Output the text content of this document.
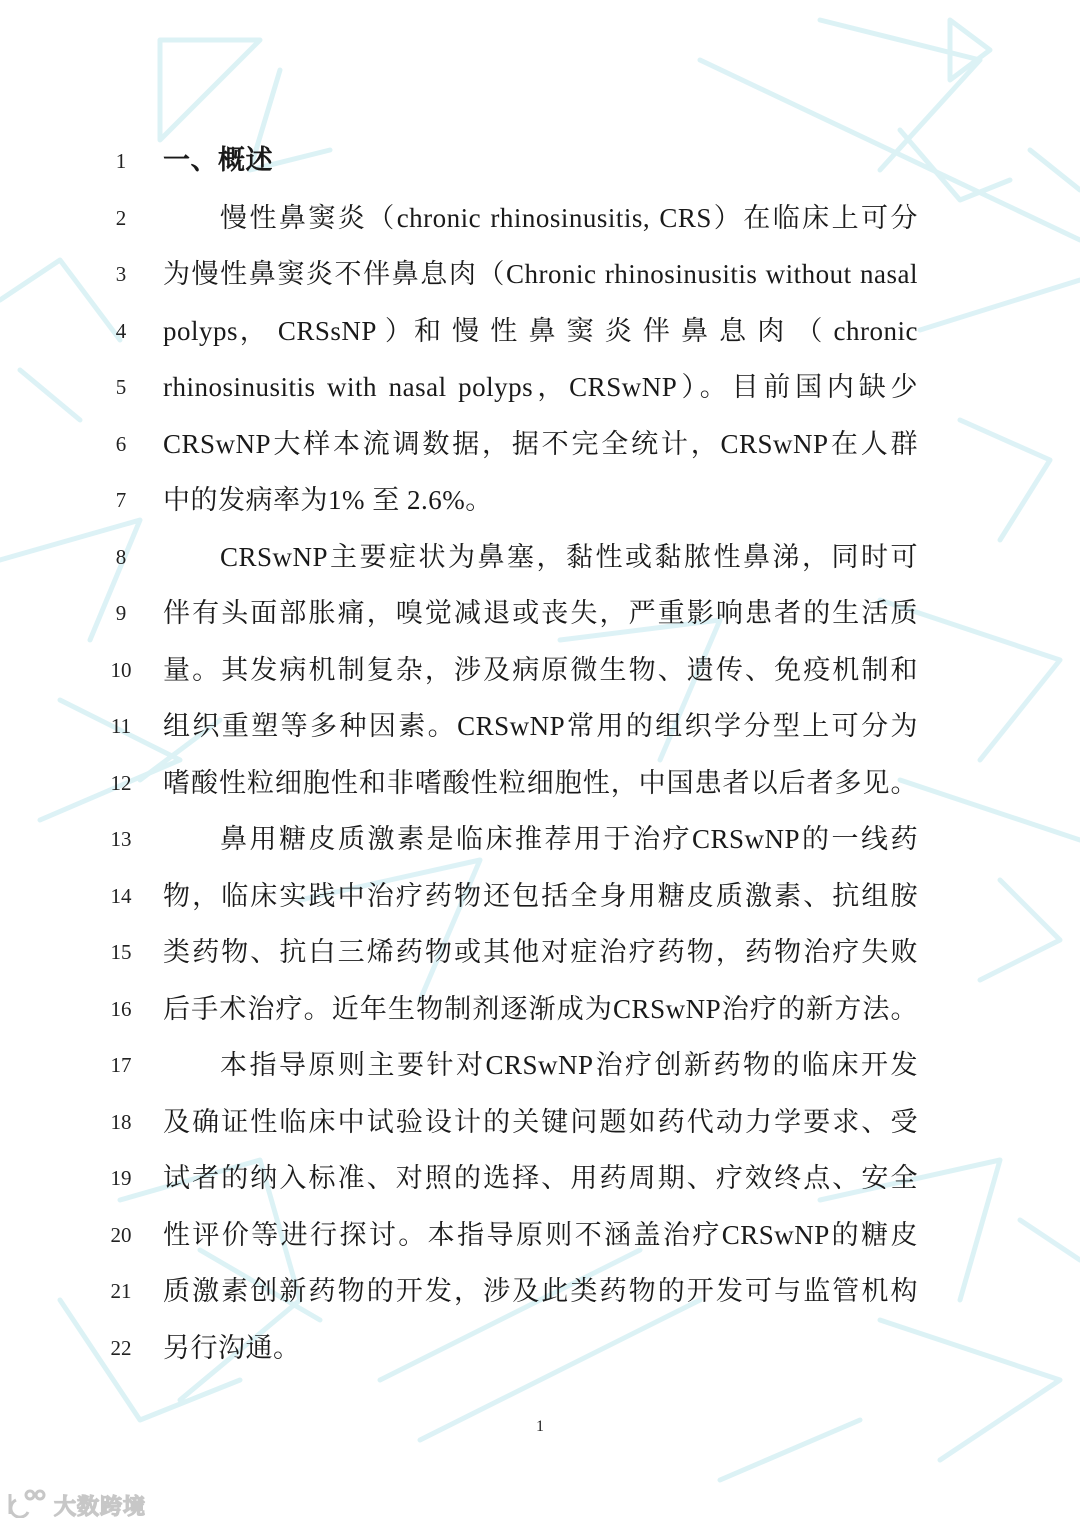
1	一、概述
2	慢性鼻窦炎（chronic rhinosinusitis, CRS）在临床上可分
3	为慢性鼻窦炎不伴鼻息肉（Chronic rhinosinusitis without nasal
4	polyps， CRSsNP ）和 慢 性 鼻 窦 炎 伴 鼻 息 肉 （ chronic
5	rhinosinusitis with nasal polyps，CRSwNP）。目前国内缺少
6	CRSwNP大样本流调数据，据不完全统计，CRSwNP在人群
7	中的发病率为1% 至 2.6%。
8	CRSwNP主要症状为鼻塞，黏性或黏脓性鼻涕，同时可
9	伴有头面部胀痛，嗅觉减退或丧失，严重影响患者的生活质
10	量。其发病机制复杂，涉及病原微生物、遗传、免疫机制和
11	组织重塑等多种因素。CRSwNP常用的组织学分型上可分为
12	嗜酸性粒细胞性和非嗜酸性粒细胞性，中国患者以后者多见。
13	鼻用糖皮质激素是临床推荐用于治疗CRSwNP的一线药
14	物，临床实践中治疗药物还包括全身用糖皮质激素、抗组胺
15	类药物、抗白三烯药物或其他对症治疗药物，药物治疗失败
16	后手术治疗。近年生物制剂逐渐成为CRSwNP治疗的新方法。
17	本指导原则主要针对CRSwNP治疗创新药物的临床开发
18	及确证性临床中试验设计的关键问题如药代动力学要求、受
19	试者的纳入标准、对照的选择、用药周期、疗效终点、安全
20	性评价等进行探讨。本指导原则不涵盖治疗CRSwNP的糖皮
21	质激素创新药物的开发，涉及此类药物的开发可与监管机构
22	另行沟通。
1
大数跨境
